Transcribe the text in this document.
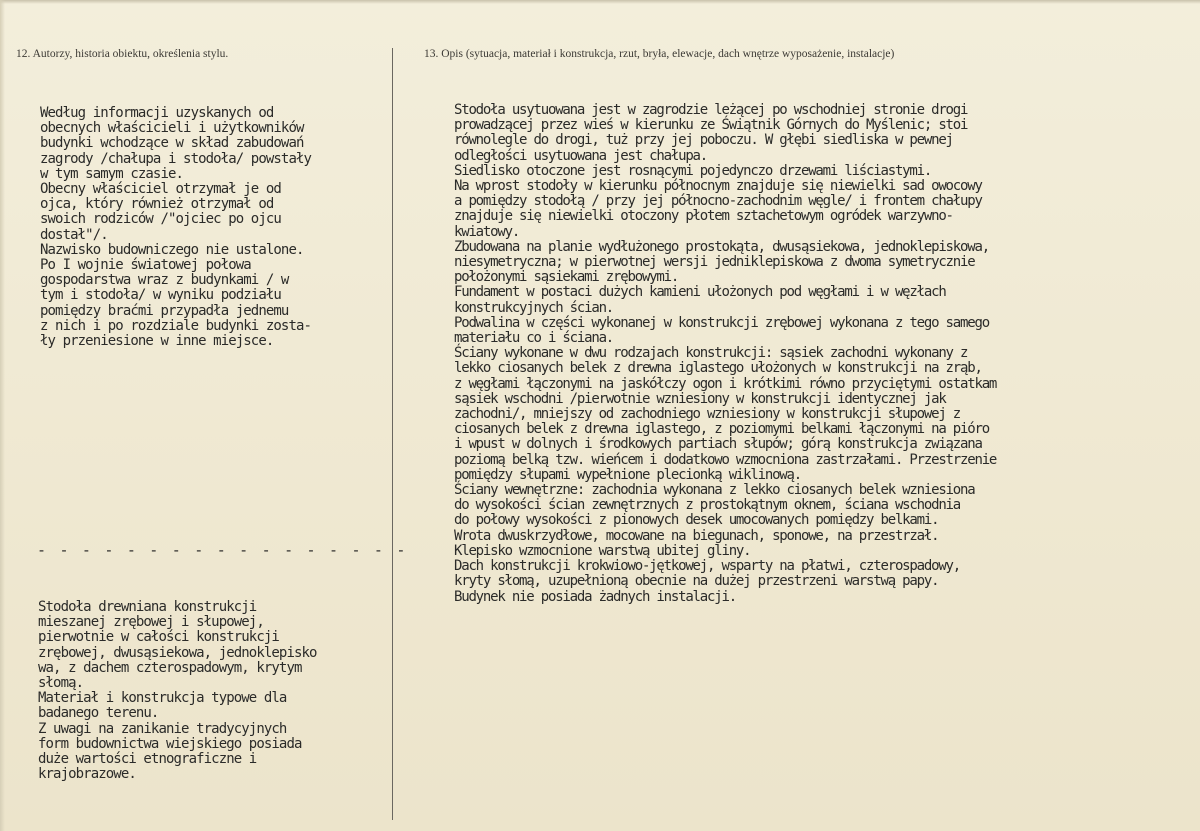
12. Autorzy, historia obiektu, określenia stylu.	13. Opis (sytuacja, materiał i konstrukcja, rzut, bryła, elewacje, dach wnętrze wyposażenie, instalacje)
Według informacji uzyskanych od
obecnych właścicieli i użytkowników
budynki wchodzące w skład zabudowań
zagrody /chałupa i stodoła/ powstały
w tym samym czasie.
Obecny właściciel otrzymał je od
ojca, który również otrzymał od
swoich rodziców /"ojciec po ojcu
dostał"/.
Nazwisko budowniczego nie ustalone.
Po I wojnie światowej połowa
gospodarstwa wraz z budynkami / w
tym i stodoła/ w wyniku podziału
pomiędzy braćmi przypadła jednemu
z nich i po rozdziale budynki zosta-
ły przeniesione w inne miejsce.
- - - - - - - - - - - - - - - - -
Stodoła drewniana konstrukcji
mieszanej zrębowej i słupowej,
pierwotnie w całości konstrukcji
zrębowej, dwusąsiekowa, jednoklepisko
wa, z dachem czterospadowym, krytym
słomą.
Materiał i konstrukcja typowe dla
badanego terenu.
Z uwagi na zanikanie tradycyjnych
form budownictwa wiejskiego posiada
duże wartości etnograficzne i
krajobrazowe.
Stodoła usytuowana jest w zagrodzie leżącej po wschodniej stronie drogi
prowadzącej przez wieś w kierunku ze Świątnik Górnych do Myślenic; stoi
równolegle do drogi, tuż przy jej poboczu. W głębi siedliska w pewnej
odległości usytuowana jest chałupa.
Siedlisko otoczone jest rosnącymi pojedynczo drzewami liściastymi.
Na wprost stodoły w kierunku północnym znajduje się niewielki sad owocowy
a pomiędzy stodołą / przy jej północno-zachodnim węgle/ i frontem chałupy
znajduje się niewielki otoczony płotem sztachetowym ogródek warzywno-
kwiatowy.
Zbudowana na planie wydłużonego prostokąta, dwusąsiekowa, jednoklepiskowa,
niesymetryczna; w pierwotnej wersji jedniklepiskowa z dwoma symetrycznie
położonymi sąsiekami zrębowymi.
Fundament w postaci dużych kamieni ułożonych pod węgłami i w węzłach
konstrukcyjnych ścian.
Podwalina w części wykonanej w konstrukcji zrębowej wykonana z tego samego
materiału co i ściana.
Ściany wykonane w dwu rodzajach konstrukcji: sąsiek zachodni wykonany z
lekko ciosanych belek z drewna iglastego ułożonych w konstrukcji na zrąb,
z węgłami łączonymi na jaskółczy ogon i krótkimi równo przyciętymi ostatkam
sąsiek wschodni /pierwotnie wzniesiony w konstrukcji identycznej jak
zachodni/, mniejszy od zachodniego wzniesiony w konstrukcji słupowej z
ciosanych belek z drewna iglastego, z poziomymi belkami łączonymi na pióro
i wpust w dolnych i środkowych partiach słupów; górą konstrukcja związana
poziomą belką tzw. wieńcem i dodatkowo wzmocniona zastrzałami. Przestrzenie
pomiędzy słupami wypełnione plecionką wiklinową.
Ściany wewnętrzne: zachodnia wykonana z lekko ciosanych belek wzniesiona
do wysokości ścian zewnętrznych z prostokątnym oknem, ściana wschodnia
do połowy wysokości z pionowych desek umocowanych pomiędzy belkami.
Wrota dwuskrzydłowe, mocowane na biegunach, sponowe, na przestrzał.
Klepisko wzmocnione warstwą ubitej gliny.
Dach konstrukcji krokwiowo-jętkowej, wsparty na płatwi, czterospadowy,
kryty słomą, uzupełnioną obecnie na dużej przestrzeni warstwą papy.
Budynek nie posiada żadnych instalacji.
